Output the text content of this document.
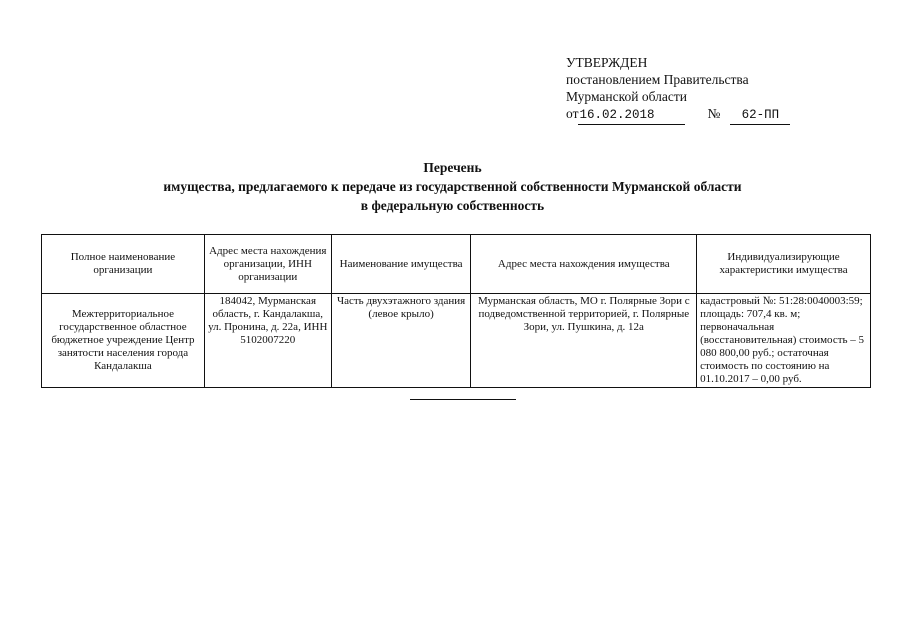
УТВЕРЖДЕН
постановлением Правительства
Мурманской области
от16.02.2018	№ 62-ПП
Перечень
имущества, предлагаемого к передаче из государственной собственности Мурманской области
в федеральную собственность
Полное наименование организации	Адрес места нахождения организации, ИНН организации	Наименование имущества	Адрес места нахождения имущества	Индивидуализирующие характеристики имущества
Межтерриториальное государственное областное бюджетное учреждение Центр занятости населения города Кандалакша	184042, Мурманская область, г. Кандалакша, ул. Пронина, д. 22а, ИНН 5102007220	Часть двухэтажного здания (левое крыло)	Мурманская область, МО г. Полярные Зори с подведомственной территорией, г. Полярные Зори, ул. Пушкина, д. 12а	кадастровый №: 51:28:0040003:59; площадь: 707,4 кв. м; первоначальная (восстановительная) стоимость – 5 080 800,00 руб.; остаточная стоимость по состоянию на 01.10.2017 – 0,00 руб.
